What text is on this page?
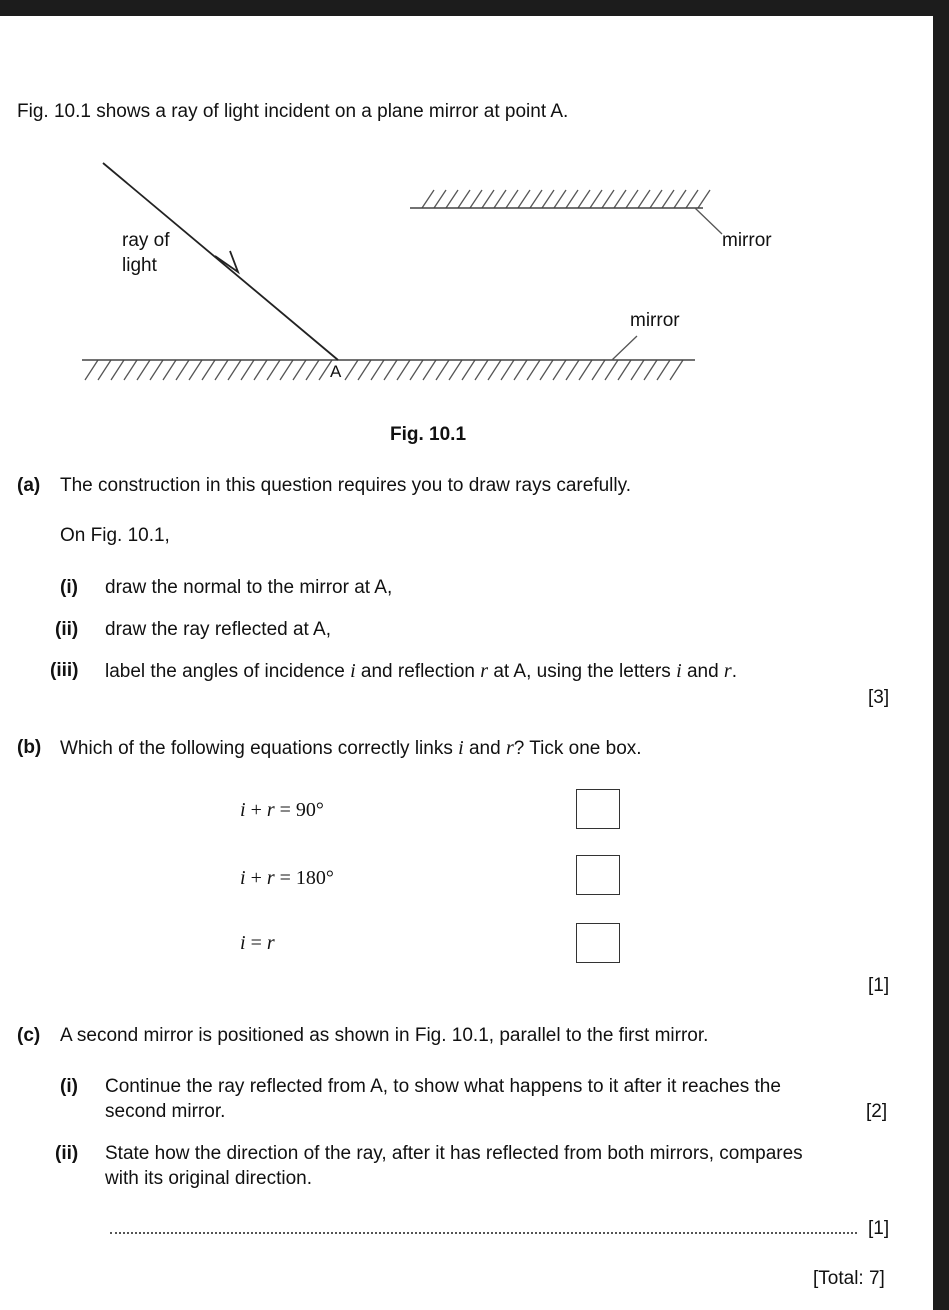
Fig. 10.1 shows a ray of light incident on a plane mirror at point A.
ray of
light
mirror
mirror
A
Fig. 10.1
(a) The construction in this question requires you to draw rays carefully.
On Fig. 10.1,
(i) draw the normal to the mirror at A,
(ii) draw the ray reflected at A,
(iii) label the angles of incidence i and reflection r at A, using the letters i and r.
[3]
(b) Which of the following equations correctly links i and r? Tick one box.
i + r = 90°
i + r = 180°
i = r
[1]
(c) A second mirror is positioned as shown in Fig. 10.1, parallel to the first mirror.
(i) Continue the ray reflected from A, to show what happens to it after it reaches the
second mirror.	[2]
(ii) State how the direction of the ray, after it has reflected from both mirrors, compares
with its original direction.
[1]
[Total: 7]
